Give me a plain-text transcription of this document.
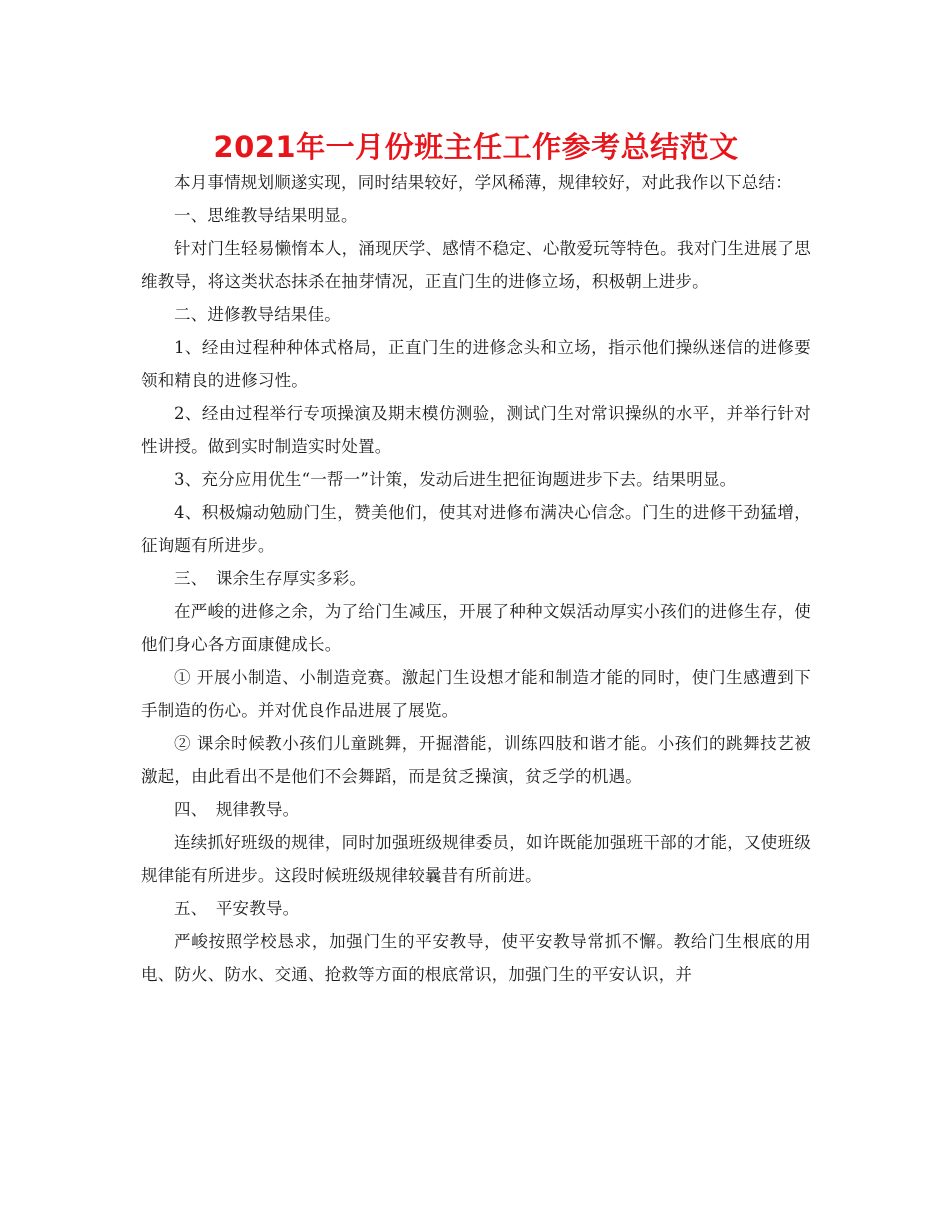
2021年一月份班主任工作参考总结范文

本月事情规划顺遂实现，同时结果较好，学风稀薄，规律较好，对此我作以下总结：

一、思维教导结果明显。

针对门生轻易懒惰本人，涌现厌学、感情不稳定、心散爱玩等特色。我对门生进展了思维教导，将这类状态抹杀在抽芽情况，正直门生的进修立场，积极朝上进步。

二、进修教导结果佳。

1、经由过程种种体式格局，正直门生的进修念头和立场，指示他们操纵迷信的进修要领和精良的进修习性。

2、经由过程举行专项操演及期末模仿测验，测试门生对常识操纵的水平，并举行针对性讲授。做到实时制造实时处置。

3、充分应用优生“一帮一”计策，发动后进生把征询题进步下去。结果明显。

4、积极煽动勉励门生，赞美他们，使其对进修布满决心信念。门生的进修干劲猛增，征询题有所进步。

三、　课余生存厚实多彩。

在严峻的进修之余，为了给门生减压，开展了种种文娱活动厚实小孩们的进修生存，使他们身心各方面康健成长。

① 开展小制造、小制造竞赛。激起门生设想才能和制造才能的同时，使门生感遭到下手制造的伤心。并对优良作品进展了展览。

② 课余时候教小孩们儿童跳舞，开掘潜能，训练四肢和谐才能。小孩们的跳舞技艺被激起，由此看出不是他们不会舞蹈，而是贫乏操演，贫乏学的机遇。

四、　规律教导。

连续抓好班级的规律，同时加强班级规律委员，如许既能加强班干部的才能，又使班级规律能有所进步。这段时候班级规律较曩昔有所前进。

五、　平安教导。

严峻按照学校恳求，加强门生的平安教导，使平安教导常抓不懈。教给门生根底的用电、防火、防水、交通、抢救等方面的根底常识，加强门生的平安认识，并
